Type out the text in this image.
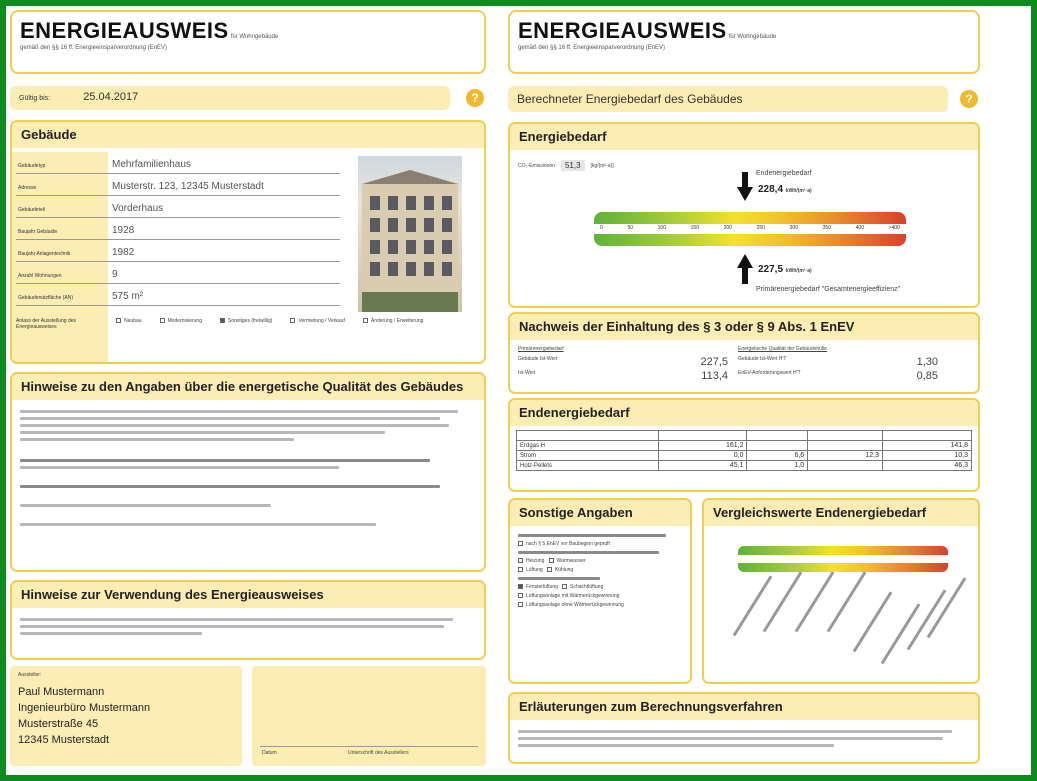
ENERGIEAUSWEIS für Wohngebäude
gemäß den §§ 16 ff. Energieeinsparverordnung (EnEV)
Gültig bis:	25.04.2017	?
Gebäude
Gebäudetyp	Mehrfamilienhaus
Adresse	Musterstr. 123, 12345 Musterstadt
Gebäudeteil	Vorderhaus
Baujahr Gebäude	1928
Baujahr Anlagentechnik	1982
Anzahl Wohnungen	9
Gebäudenutzfläche (AN)	575 m²
Anlass der Ausstellung des Energieausweises
Neubau	Modernisierung	Sonstiges (freiwillig)	Vermietung / Verkauf	Änderung / Erweiterung
Hinweise zu den Angaben über die energetische Qualität des Gebäudes
Hinweise zur Verwendung des Energieausweises
Aussteller:
Paul Mustermann
Ingenieurbüro Mustermann
Musterstraße 45
12345 Musterstadt
Datum	Unterschrift des Ausstellers
ENERGIEAUSWEIS für Wohngebäude
gemäß den §§ 16 ff. Energieeinsparverordnung (EnEV)
Berechneter Energiebedarf des Gebäudes	?
Energiebedarf
CO₂-Emissionen	51,3	[kg/(m²·a)]
Endenergiebedarf
228,4 kWh/(m²·a)
0	50	100	150	200	250	300	350	400	>400
227,5 kWh/(m²·a)
Primärenergiebedarf "Gesamtenergieeffizienz"
Nachweis der Einhaltung des § 3 oder § 9 Abs. 1 EnEV
Primärenergiebedarf
Gebäude Ist-Wert	227,5
Ist-Wert	113,4
Energetische Qualität der Gebäudehülle
Gebäude Ist-Wert H'T	1,30
EnEV-Anforderungswert H'T	0,85
Endenergiebedarf

Erdgas H	161,2			141,8
Strom	0,0	6,6	12,3	10,3
Holz-Pellets	45,1	1,0		46,3
Sonstige Angaben
nach § 5 EnEV vor Baubeginn geprüft
Heizung Warmwasser
Lüftung Kühlung
Fensterlüftung Schachtlüftung
Lüftungsanlage mit Wärmerückgewinnung
Lüftungsanlage ohne Wärmerückgewinnung
Vergleichswerte Endenergiebedarf
Erläuterungen zum Berechnungsverfahren
